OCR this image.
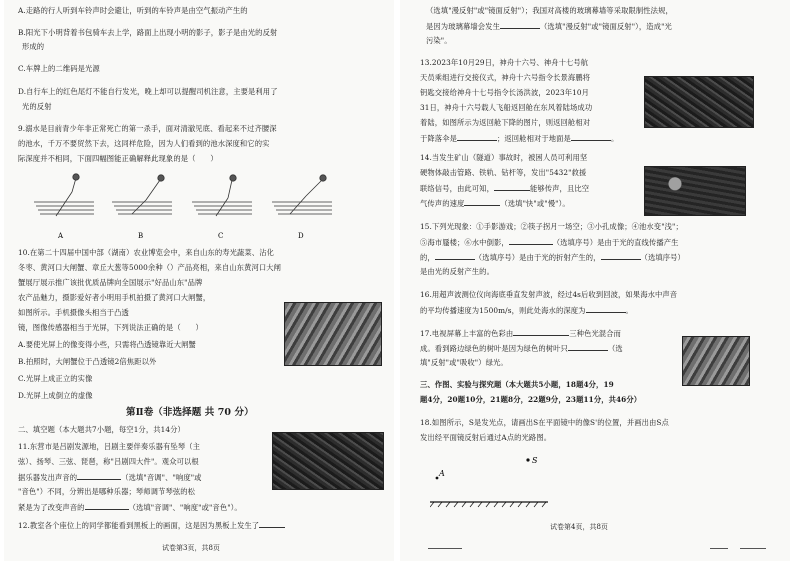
A.走路的行人听到车铃声时会避让，听到的车铃声是由空气振动产生的
B.阳光下小明背着书包骑车去上学，路面上出现小明的影子，影子是由光的反射
形成的
C.车牌上的二维码是光源
D.自行车上的红色尾灯不能自行发光，晚上却可以提醒司机注意，主要是利用了
光的反射
9.溺水是目前青少年非正常死亡的第一杀手，面对清澈见底、看起来不过齐腰深
的池水，千万不要贸然下去，这同样危险，因为人们看到的池水深度和它的实
际深度并不相同，下面四幅图能正确解释此现象的是（　　）
A	B	C	D
10.在第二十四届中国中部（湖南）农业博览会中，来自山东的寿光蔬菜、沾化
冬枣、黄河口大闸蟹、章丘大葱等5000余种（）产品亮相，来自山东黄河口大闸
蟹展厅展示推广该批优质品牌向全国展示"好品山东"品牌
农产品魅力，摄影爱好者小明用手机拍摄了黄河口大闸蟹，
如图所示。手机摄像头相当于凸透
镜，图像传感器相当于光屏，下列说法正确的是（　　）
A.要使光屏上的像变得小些，只需将凸透镜靠近大闸蟹
B.拍照时，大闸蟹位于凸透镜2倍焦距以外
C.光屏上成正立的实像
D.光屏上成倒立的虚像
第Ⅱ卷（非选择题 共 70 分）
二、填空题（本大题共7小题，每空1分，共14分）
11.东营市是吕剧发源地，吕剧主要伴奏乐器有坠琴（主
弦）、扬琴、三弦、琵琶，称"吕剧四大件"。观众可以根
据乐器发出声音的	（选填"音调"、"响度"或
"音色"）不同，分辨出是哪种乐器；琴师调节琴弦的松
紧是为了改变声音的	（选填"音调"、"响度"或"音色"）。
12.教室各个座位上的同学都能看到黑板上的画面，这是因为黑板上发生了
试卷第3页，共8页
（选填"漫反射"或"镜面反射"）；我国对高楼的玻璃幕墙等采取限制性法规，
是因为玻璃幕墙会发生	（选填"漫反射"或"镜面反射"），造成"光
污染"。
13.2023年10月29日，神舟十六号、神舟十七号航
天员乘组进行交接仪式，神舟十六号指令长景海鹏将
钥匙交接给神舟十七号指令长汤洪波，2023年10月
31日，神舟十六号载人飞船返回舱在东风着陆场成功
着陆，如图所示为返回舱下降的图片，则返回舱相对
于降落伞是	；返回舱相对于地面是	。
14.当发生矿山（隧道）事故时，被困人员可利用坚
硬物体敲击管路、铁轨、钻杆等，发出"5432"救援
联络信号，由此可知，	能够传声，且比空
气传声的速度	（选填"快"或"慢"）。
15.下列光现象：①手影游戏；②筷子拐月一场空；③小孔成像；④池水变"浅"；
⑤海市蜃楼；⑥水中倒影，	（选填序号）是由于光的直线传播产生
的，	（选填序号）是由于光的折射产生的，	（选填序号）
是由光的反射产生的。
16.用超声波测位仪向海底垂直发射声波，经过4s后收到回波，如果海水中声音
的平均传播速度为1500m/s，则此处海水的深度为	。
17.电视屏幕上丰富的色彩由	三种色光混合而
成。看到路边绿色的树叶是因为绿色的树叶只	（选
填"反射"或"吸收"）绿光。
三、作图、实验与探究题（本大题共5小题，18题4分，19
题4分，20题10分，21题8分，22题9分，23题11分，共46分）
18.如图所示，S是发光点，请画出S在平面镜中的像S'的位置，并画出由S点
发出经平面镜反射后通过A点的光路图。
S
A
试卷第4页，共8页
